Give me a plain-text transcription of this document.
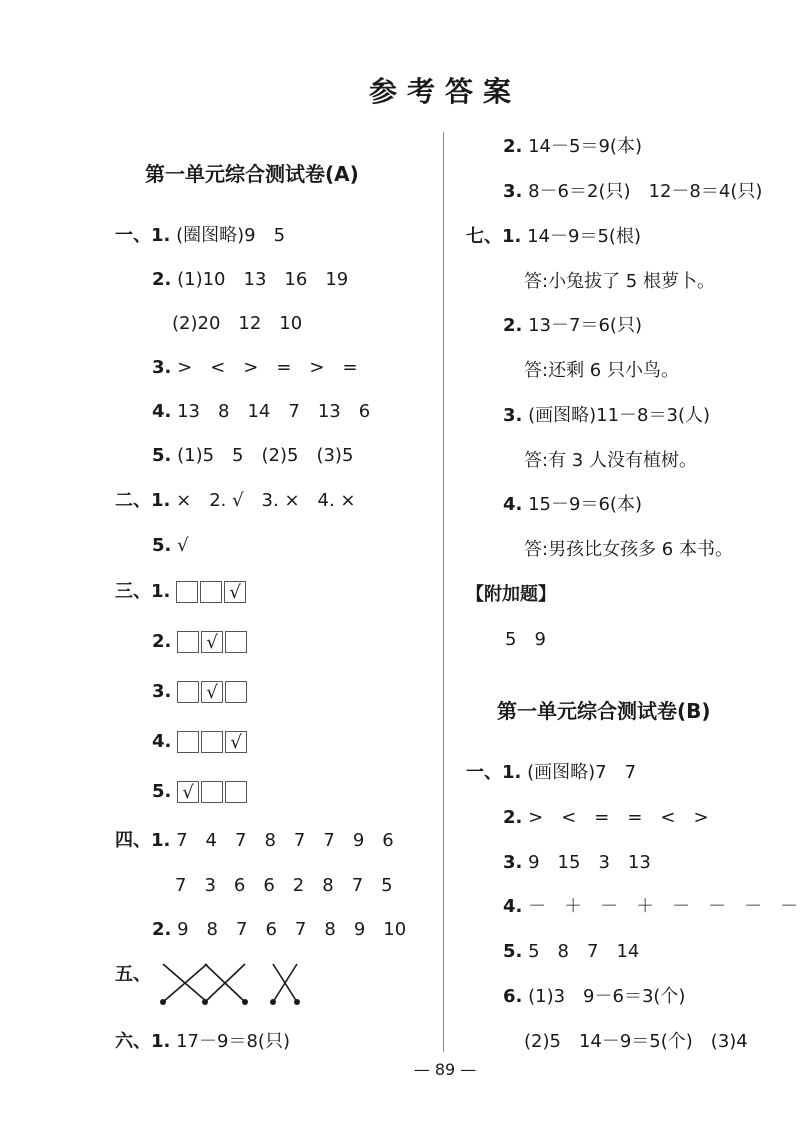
参考答案
第一单元综合测试卷(A)
一、1. (圈图略)9　5
2. (1)10　13　16　19
(2)20　12　10
3. >　<　>　=　>　=
4. 13　8　14　7　13　6
5. (1)5　5　(2)5　(3)5
二、1. ×　2. √　3. ×　4. ×
5. √
三、1.	√
2. √
3. √
4.	√
5. √
四、1. 7　4　7　8　7　7　9　6
7　3　6　6　2　8　7　5
2. 9　8　7　6　7　8　9　10
五、
六、1. 17－9＝8(只)
2. 14－5＝9(本)
3. 8－6＝2(只)　12－8＝4(只)
七、1. 14－9＝5(根)
答:小兔拔了 5 根萝卜。
2. 13－7＝6(只)
答:还剩 6 只小鸟。
3. (画图略)11－8＝3(人)
答:有 3 人没有植树。
4. 15－9＝6(本)
答:男孩比女孩多 6 本书。
【附加题】
5　9
第一单元综合测试卷(B)
一、1. (画图略)7　7
2. >　<　=　=　<　>
3. 9　15　3　13
4. －　＋　－　＋　－　－　－　－
5. 5　8　7　14
6. (1)3　9－6＝3(个)
(2)5　14－9＝5(个)　(3)4
— 89 —
